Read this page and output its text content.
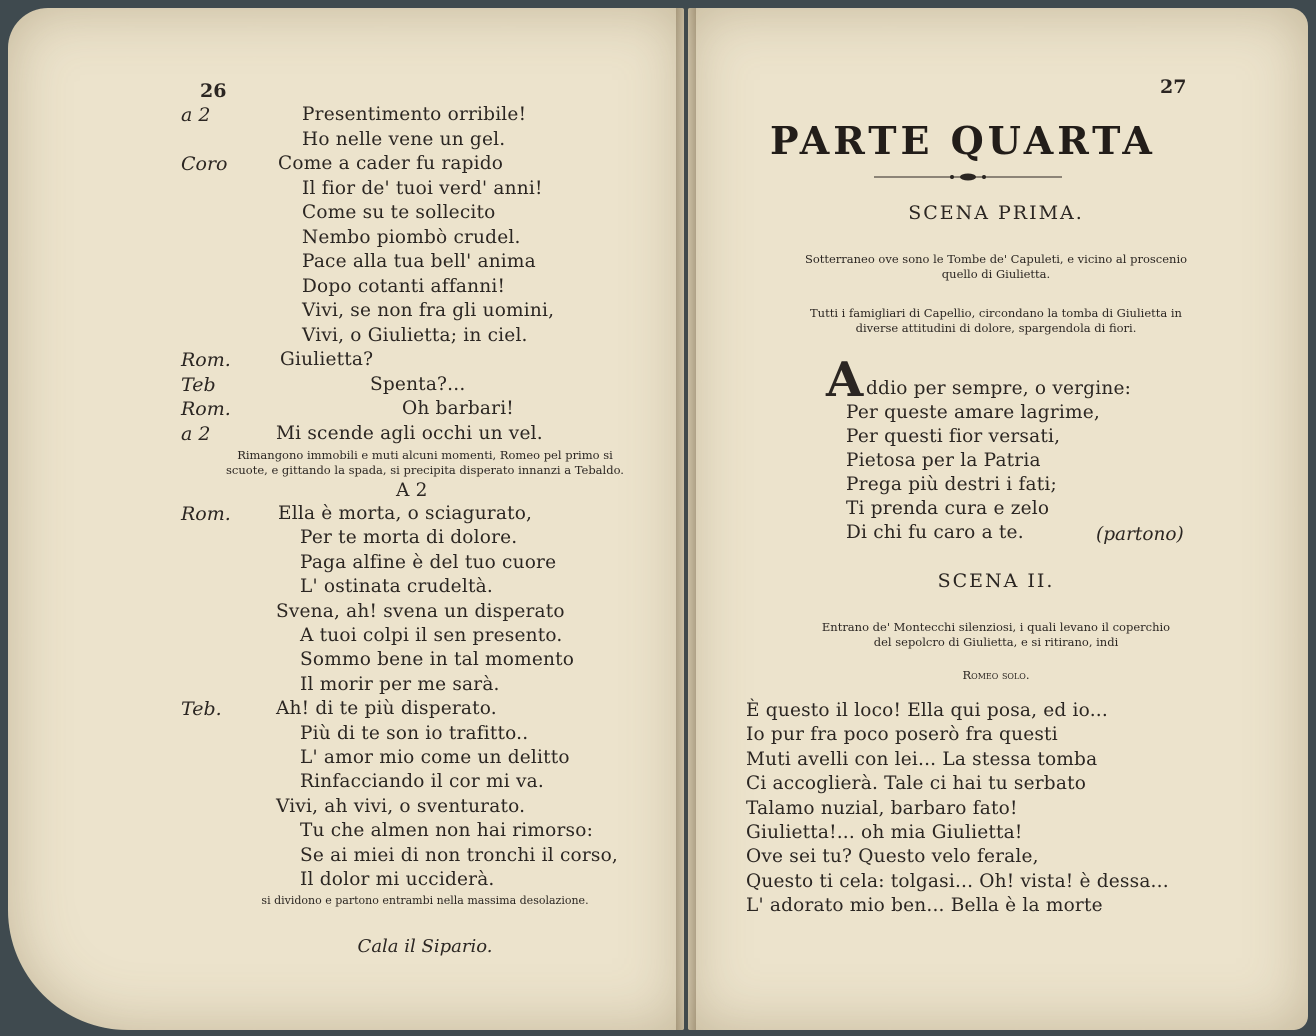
26
a 2	Presentimento orribile!
Ho nelle vene un gel.
Coro	Come a cader fu rapido
Il fior de' tuoi verd' anni!
Come su te sollecito
Nembo piombò crudel.
Pace alla tua bell' anima
Dopo cotanti affanni!
Vivi, se non fra gli uomini,
Vivi, o Giulietta; in ciel.
Rom.	Giulietta?
Teb	Spenta?...
Rom.	Oh barbari!
a 2	Mi scende agli occhi un vel.
Rimangono immobili e muti alcuni momenti, Romeo pel primo si
scuote, e gittando la spada, si precipita disperato innanzi a Tebaldo.
A 2
Rom.	Ella è morta, o sciagurato,
Per te morta di dolore.
Paga alfine è del tuo cuore
L' ostinata crudeltà.
Svena, ah! svena un disperato
A tuoi colpi il sen presento.
Sommo bene in tal momento
Il morir per me sarà.
Teb.	Ah! di te più disperato.
Più di te son io trafitto..
L' amor mio come un delitto
Rinfacciando il cor mi va.
Vivi, ah vivi, o sventurato.
Tu che almen non hai rimorso:
Se ai miei di non tronchi il corso,
Il dolor mi ucciderà.
si dividono e partono entrambi nella massima desolazione.
Cala il Sipario.
27
PARTE QUARTA
SCENA PRIMA.
Sotterraneo ove sono le Tombe de' Capuleti, e vicino al proscenio
quello di Giulietta.
Tutti i famigliari di Capellio, circondano la tomba di Giulietta in
diverse attitudini di dolore, spargendola di fiori.
A ddio per sempre, o vergine:
Per queste amare lagrime,
Per questi fior versati,
Pietosa per la Patria
Prega più destri i fati;
Ti prenda cura e zelo
Di chi fu caro a te.	(partono)
SCENA II.
Entrano de' Montecchi silenziosi, i quali levano il coperchio
del sepolcro di Giulietta, e si ritirano, indi
Romeo solo.
È questo il loco! Ella qui posa, ed io...
Io pur fra poco poserò fra questi
Muti avelli con lei... La stessa tomba
Ci accoglierà. Tale ci hai tu serbato
Talamo nuzial, barbaro fato!
Giulietta!... oh mia Giulietta!
Ove sei tu? Questo velo ferale,
Questo ti cela: tolgasi... Oh! vista! è dessa...
L' adorato mio ben... Bella è la morte
